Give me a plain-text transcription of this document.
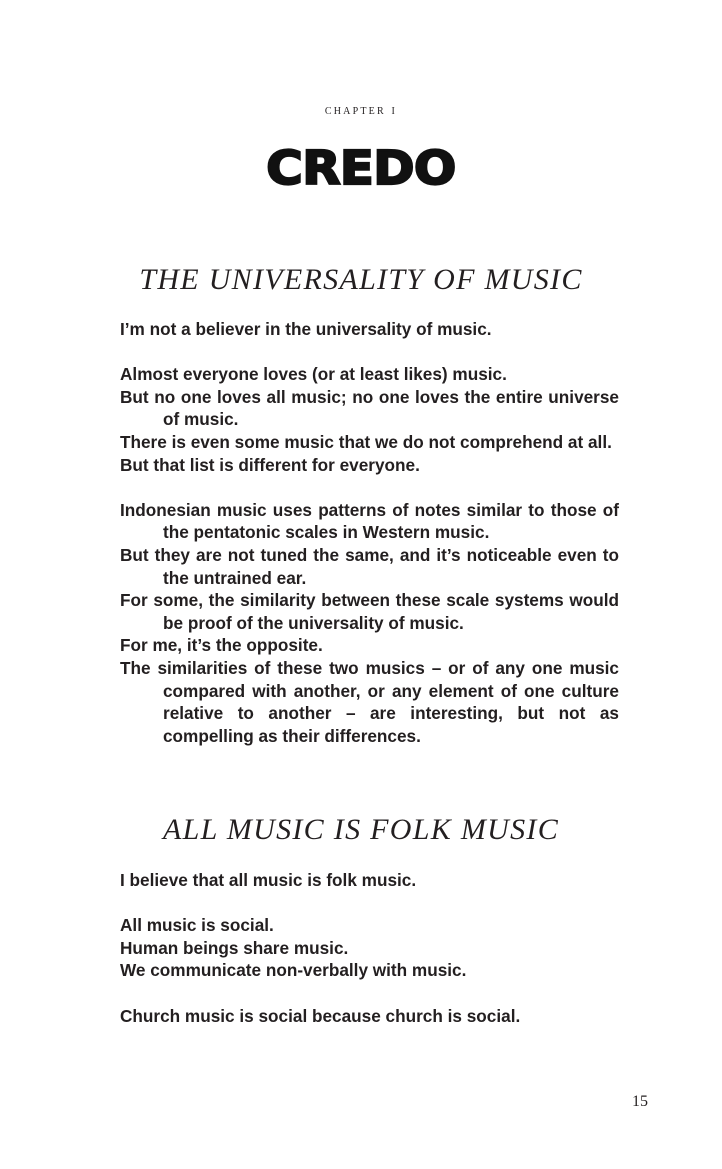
chapter i
CREDO
THE UNIVERSALITY OF MUSIC

I’m not a believer in the universality of music.

Almost everyone loves (or at least likes) music.

But no one loves all music; no one loves the entire universe of music.

There is even some music that we do not comprehend at all.

But that list is different for everyone.

Indonesian music uses patterns of notes similar to those of the pentatonic scales in Western music.

But they are not tuned the same, and it’s noticeable even to the untrained ear.

For some, the similarity between these scale systems would be proof of the universality of music.

For me, it’s the opposite.

The similarities of these two musics – or of any one music compared with another, or any element of one culture relative to another – are interesting, but not as compelling as their differences.

ALL MUSIC IS FOLK MUSIC

I believe that all music is folk music.

All music is social.

Human beings share music.

We communicate non-verbally with music.

Church music is social because church is social.

15
